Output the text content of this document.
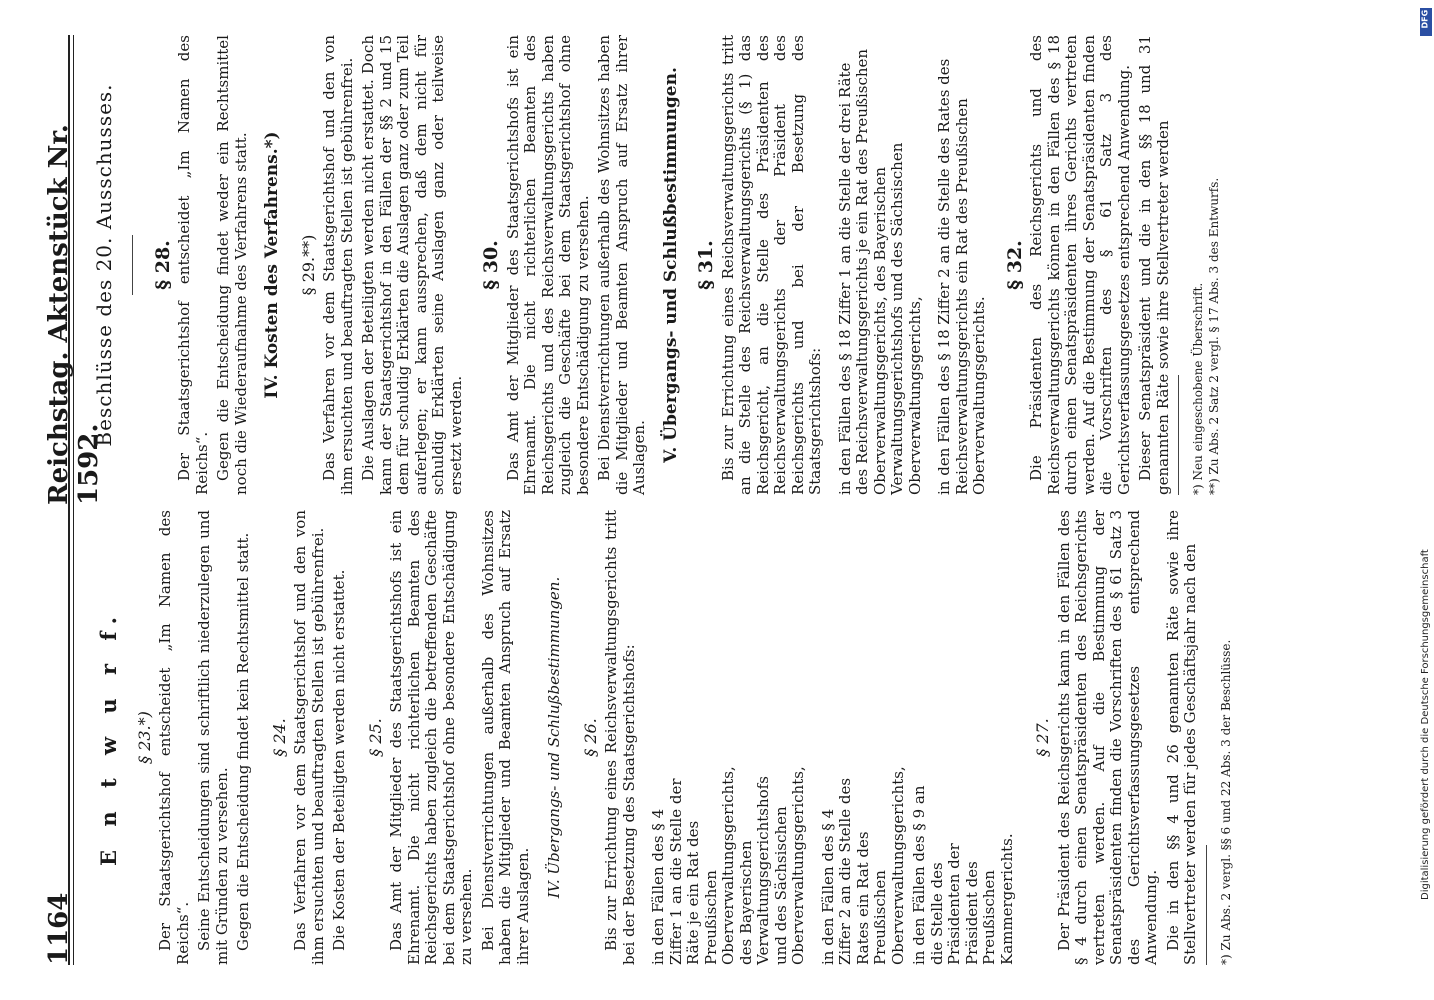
1164
Reichstag. Aktenstück Nr. 1592.
E n t w u r f. § 23.*) Der Staatsgerichtshof entscheidet „Im Namen des Reichs“. Seine Entscheidungen sind schriftlich niederzulegen und mit Gründen zu versehen. Gegen die Entscheidung findet kein Rechtsmittel statt. § 24. Das Verfahren vor dem Staatsgerichtshof und den von ihm ersuchten und beauftragten Stellen ist gebührenfrei. Die Kosten der Beteiligten werden nicht erstattet. § 25. Das Amt der Mitglieder des Staatsgerichtshofs ist ein Ehrenamt. Die nicht richterlichen Beamten des Reichsgerichts haben zugleich die betreffenden Geschäfte bei dem Staatsgerichtshof ohne besondere Entschädigung zu versehen. Bei Dienstverrichtungen außerhalb des Wohnsitzes haben die Mitglieder und Beamten Anspruch auf Ersatz ihrer Auslagen.

IV. Übergangs- und Schlußbestimmungen. § 26. Bis zur Errichtung eines Reichsverwaltungsgerichts tritt bei der Besetzung des Staatsgerichtshofs: in den Fällen des § 4 Ziffer 1 an die Stelle der Räte je ein Rat des Preußischen Oberverwaltungsgerichts, des Bayerischen Verwaltungsgerichtshofs und des Sächsischen Oberverwaltungsgerichts, in den Fällen des § 4 Ziffer 2 an die Stelle des Rates ein Rat des Preußischen Oberverwaltungsgerichts, in den Fällen des § 9 an die Stelle des Präsidenten der Präsident des Preußischen Kammergerichts.
§ 27. Der Präsident des Reichsgerichts kann in den Fällen des § 4 durch einen Senatspräsidenten des Reichsgerichts vertreten werden. Auf die Bestimmung der Senatspräsidenten finden die Vorschriften des § 61 Satz 3 des Gerichtsverfassungsgesetzes entsprechend Anwendung. Die in den §§ 4 und 26 genannten Räte sowie ihre Stellvertreter werden für jedes Geschäftsjahr nach den *) Zu Abs. 2 vergl. §§ 6 und 22 Abs. 3 der Beschlüsse.
Beschlüsse des 20. Ausschusses. § 28. Der Staatsgerichtshof entscheidet „Im Namen des Reichs“. Gegen die Entscheidung findet weder ein Rechtsmittel noch die Wiederaufnahme des Verfahrens statt. IV. Kosten des Verfahrens.*) § 29.**) Das Verfahren vor dem Staatsgerichtshof und den von ihm ersuchten und beauftragten Stellen ist gebührenfrei. Die Auslagen der Beteiligten werden nicht erstattet. Doch kann der Staatsgerichtshof in den Fällen der §§ 2 und 15 dem für schuldig Erklärten die Auslagen ganz oder zum Teil auferlegen; er kann aussprechen, daß dem nicht für schuldig Erklärten seine Auslagen ganz oder teilweise ersetzt werden.

§ 30. Das Amt der Mitglieder des Staatsgerichtshofs ist ein Ehrenamt. Die nicht richterlichen Beamten des Reichsgerichts und des Reichsverwaltungsgerichts haben zugleich die Geschäfte bei dem Staatsgerichtshof ohne besondere Entschädigung zu versehen. Bei Dienstverrichtungen außerhalb des Wohnsitzes haben die Mitglieder und Beamten Anspruch auf Ersatz ihrer Auslagen. V. Übergangs- und Schlußbestimmungen. § 31. Bis zur Errichtung eines Reichsverwaltungsgerichts tritt an die Stelle des Reichsverwaltungsgerichts (§ 1) das Reichsgericht, an die Stelle des Präsidenten des Reichsverwaltungsgerichts der Präsident des Reichsgerichts und bei der Besetzung des Staatsgerichtshofs: in den Fällen des § 18 Ziffer 1 an die Stelle der drei Räte des Reichsverwaltungsgerichts je ein Rat des Preußischen Oberverwaltungsgerichts, des Bayerischen Verwaltungsgerichtshofs und des Sächsischen Oberverwaltungsgerichts, in den Fällen des § 18 Ziffer 2 an die Stelle des Rates des Reichsverwaltungsgerichts ein Rat des Preußischen Oberverwaltungsgerichts.
§ 32. Die Präsidenten des Reichsgerichts und des Reichsverwaltungsgerichts können in den Fällen des § 18 durch einen Senatspräsidenten ihres Gerichts vertreten werden. Auf die Bestimmung der Senatspräsidenten finden die Vorschriften des § 61 Satz 3 des Gerichtsverfassungsgesetzes entsprechend Anwendung. Dieser Senatspräsident und die in den §§ 18 und 31 genannten Räte sowie ihre Stellvertreter werden *) Neu eingeschobene Überschrift. **) Zu Abs. 2 Satz 2 vergl. § 17 Abs. 3 des Entwurfs.
DFG
Digitalisierung gefördert durch die Deutsche Forschungsgemeinschaft
